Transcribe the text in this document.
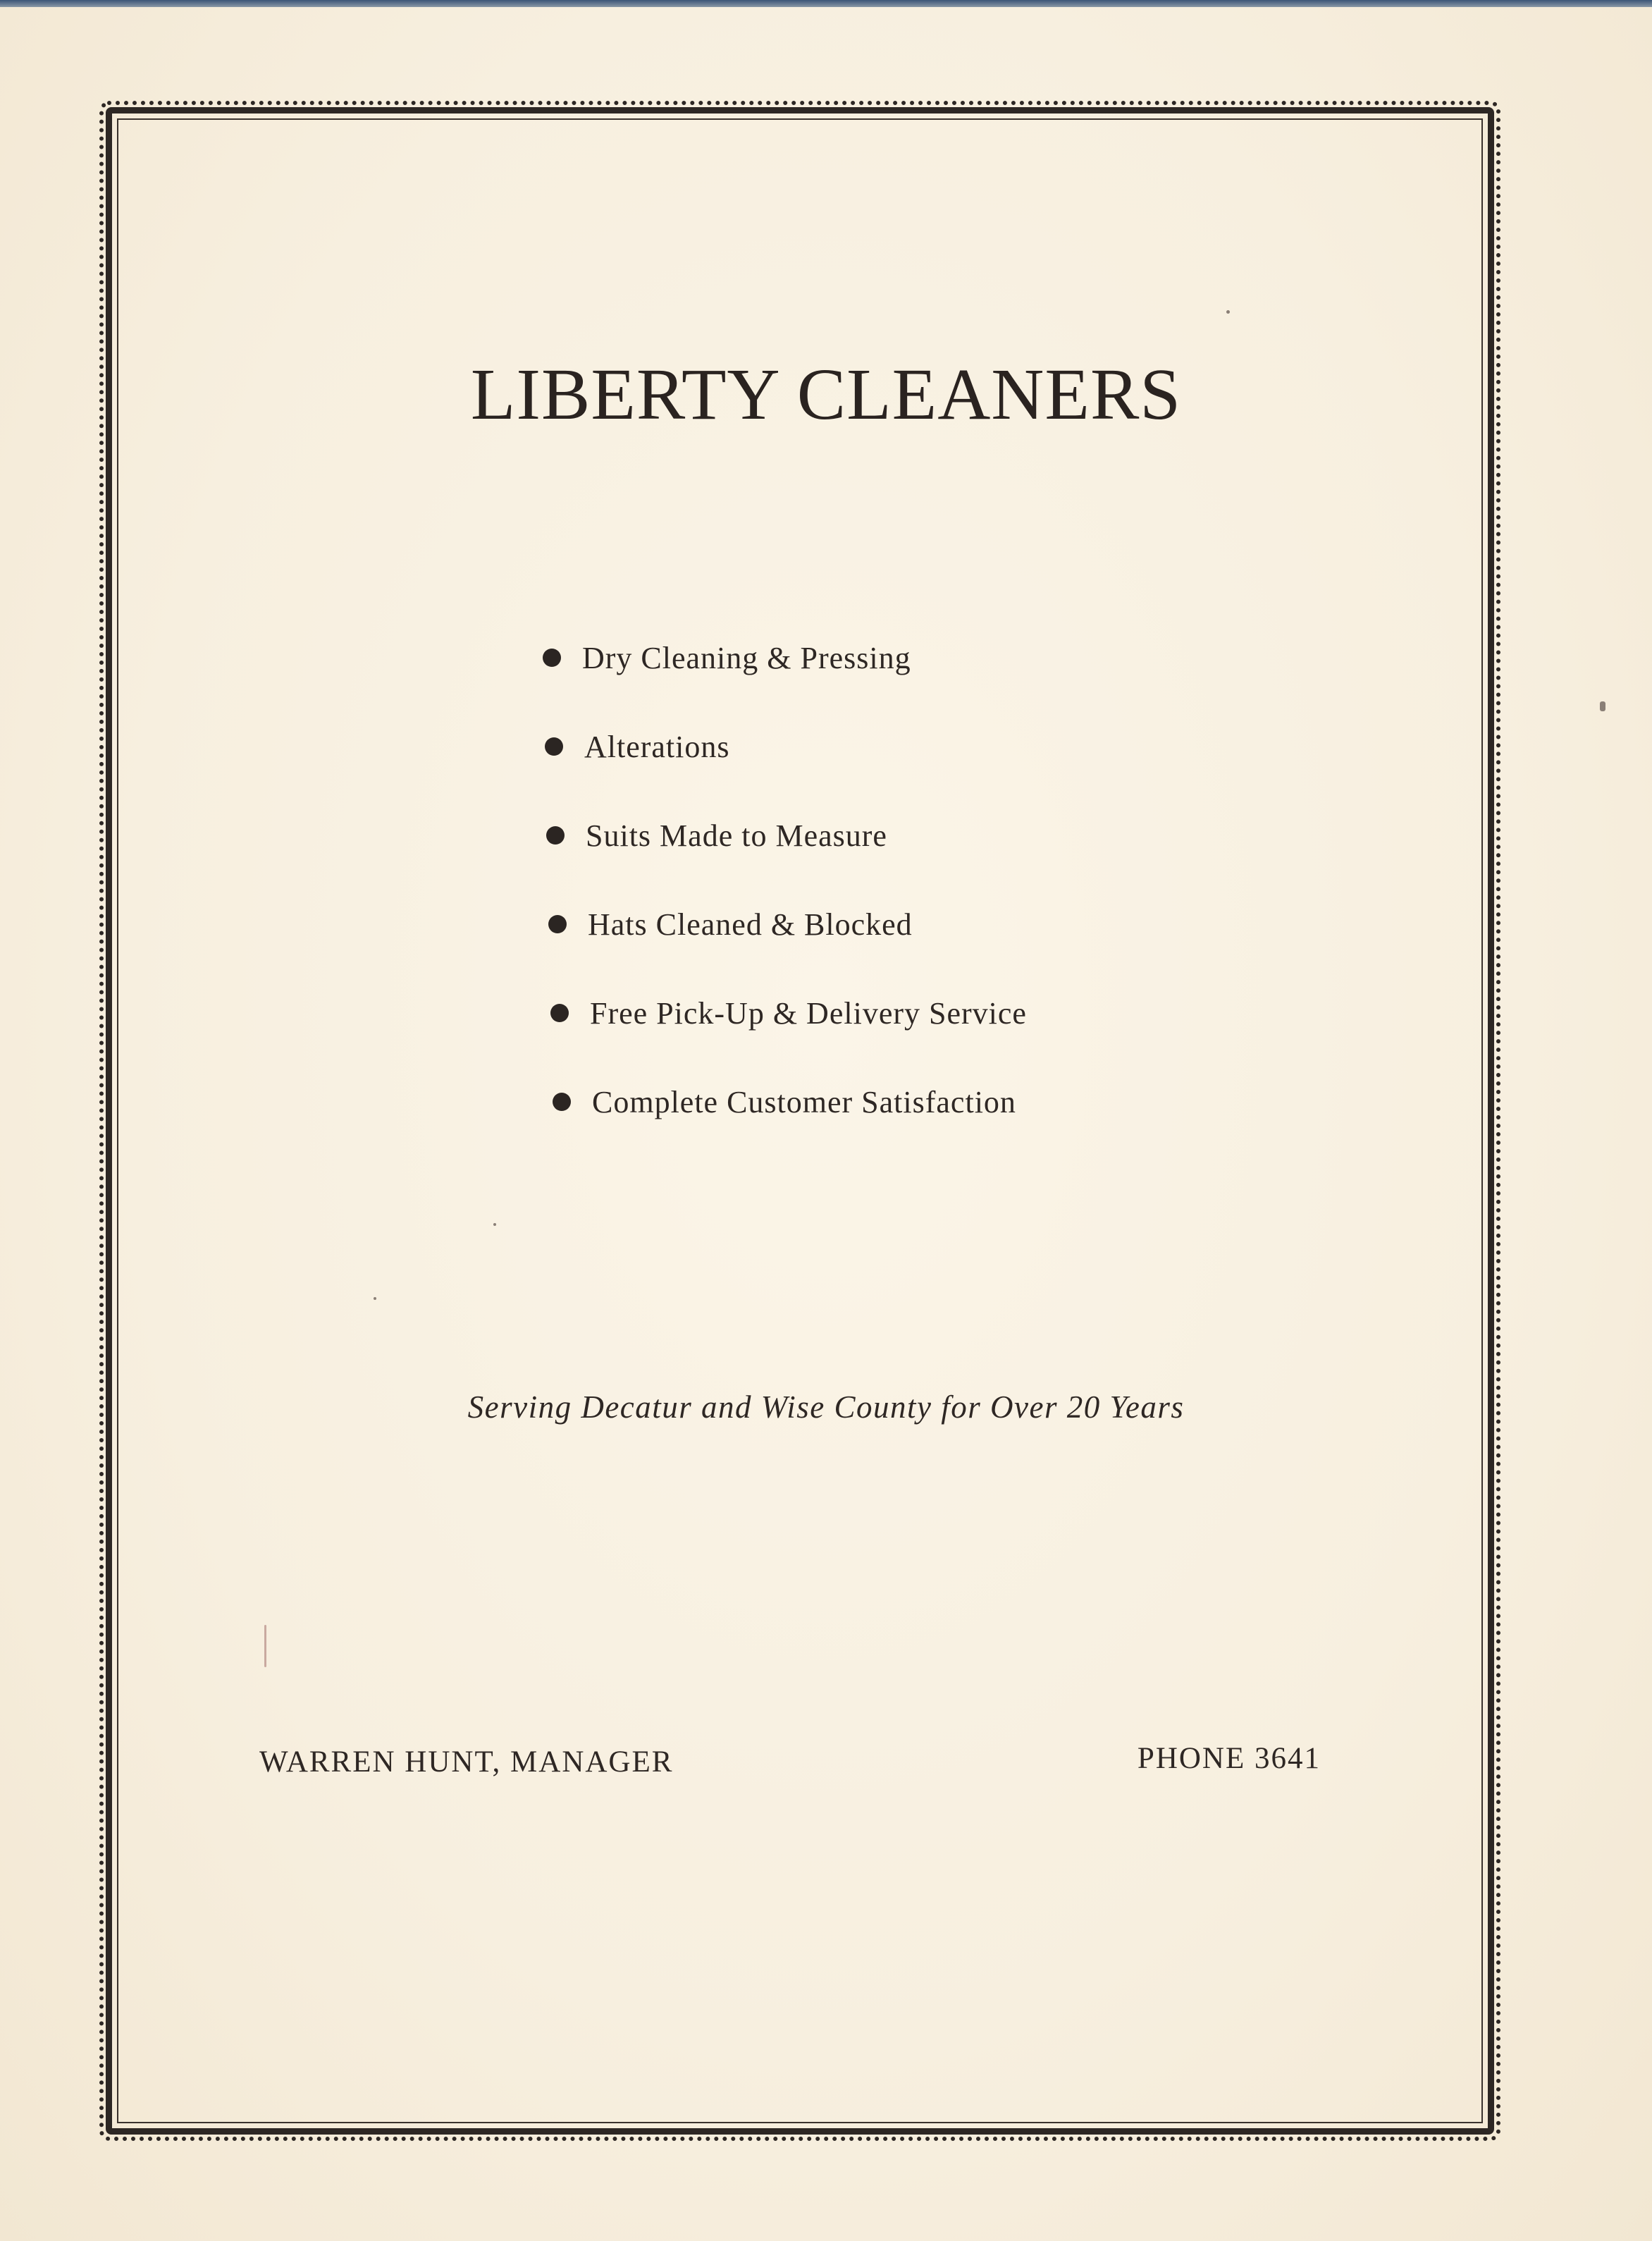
LIBERTY CLEANERS
Dry Cleaning & Pressing
Alterations
Suits Made to Measure
Hats Cleaned & Blocked
Free Pick-Up & Delivery Service
Complete Customer Satisfaction
Serving Decatur and Wise County for Over 20 Years
WARREN HUNT, MANAGER	PHONE 3641
